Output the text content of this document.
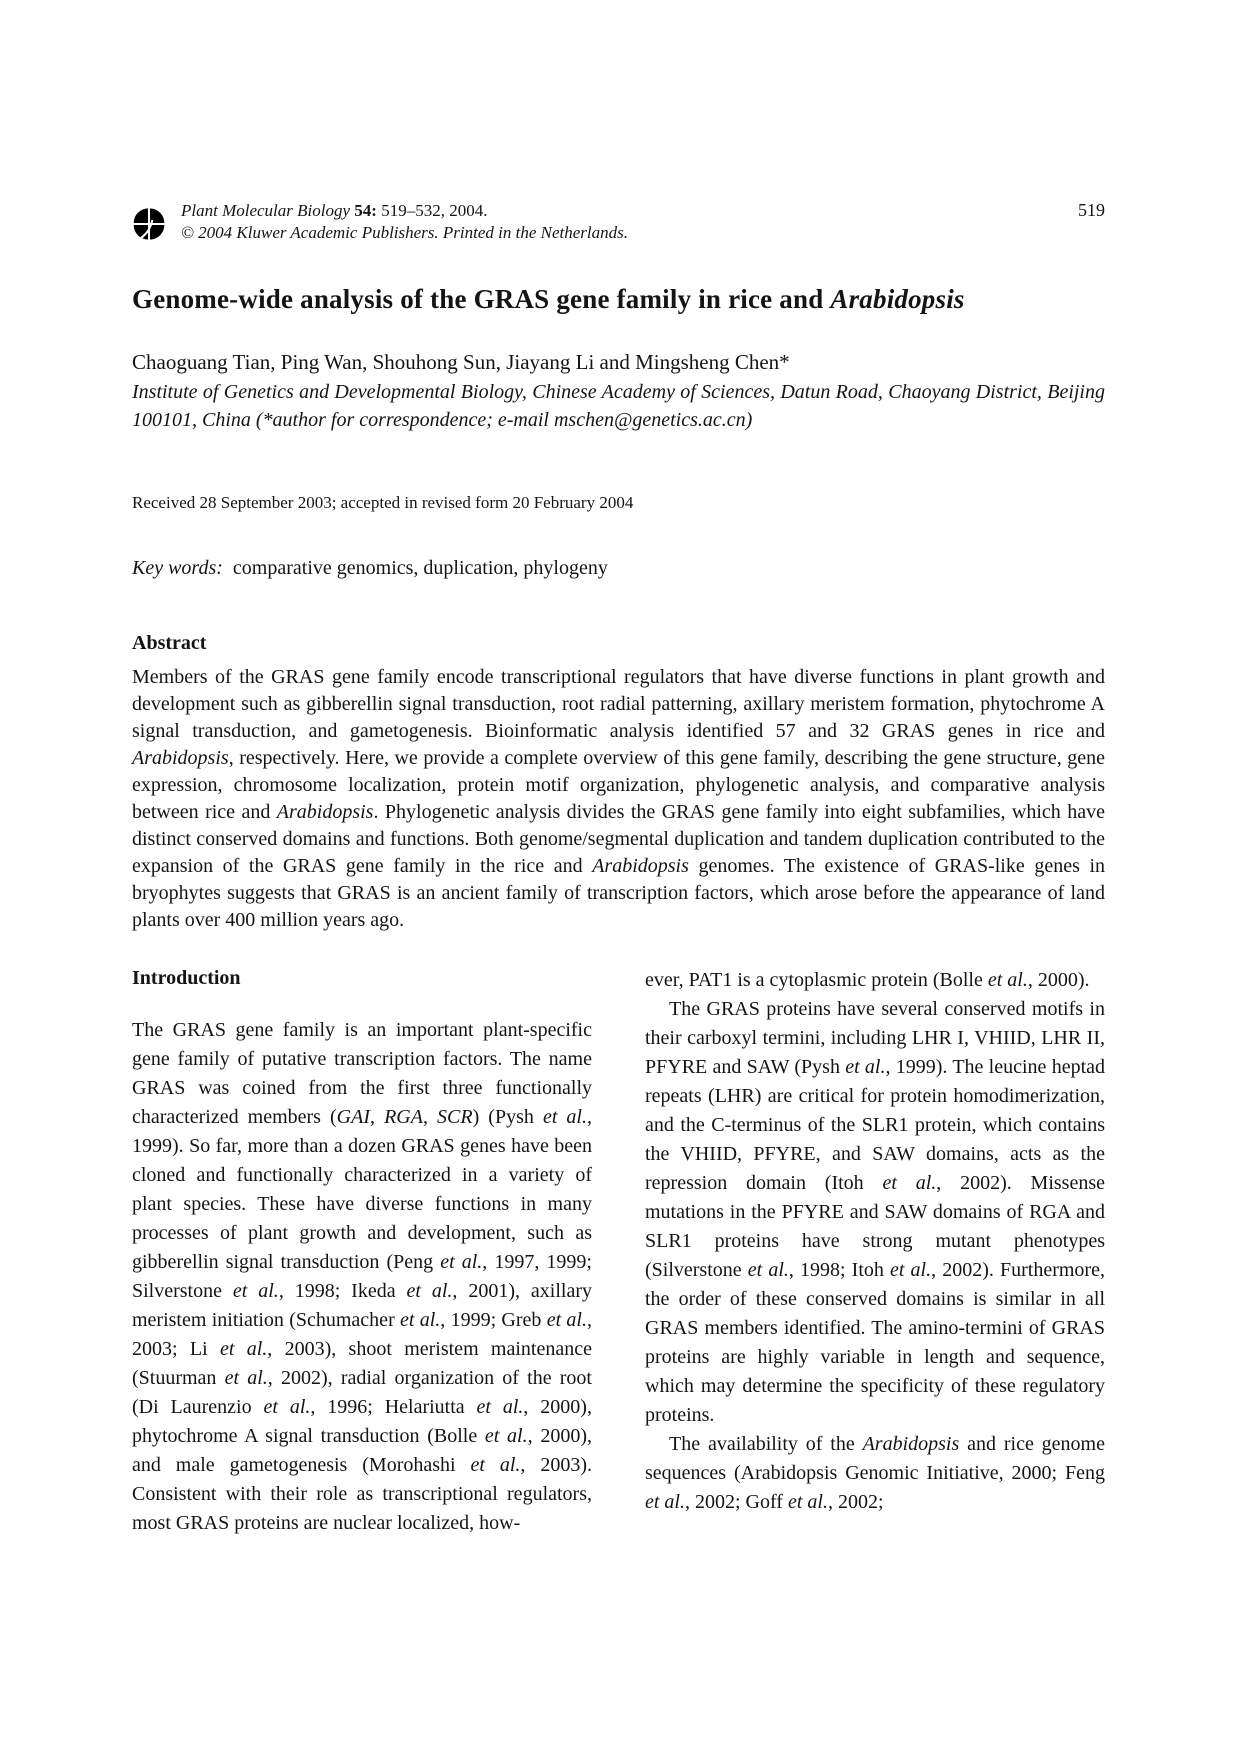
Plant Molecular Biology 54: 519–532, 2004.
© 2004 Kluwer Academic Publishers. Printed in the Netherlands.
519
Genome-wide analysis of the GRAS gene family in rice and Arabidopsis
Chaoguang Tian, Ping Wan, Shouhong Sun, Jiayang Li and Mingsheng Chen*
Institute of Genetics and Developmental Biology, Chinese Academy of Sciences, Datun Road, Chaoyang District, Beijing 100101, China (*author for correspondence; e-mail mschen@genetics.ac.cn)
Received 28 September 2003; accepted in revised form 20 February 2004
Key words: comparative genomics, duplication, phylogeny
Abstract
Members of the GRAS gene family encode transcriptional regulators that have diverse functions in plant growth and development such as gibberellin signal transduction, root radial patterning, axillary meristem formation, phytochrome A signal transduction, and gametogenesis. Bioinformatic analysis identified 57 and 32 GRAS genes in rice and Arabidopsis, respectively. Here, we provide a complete overview of this gene family, describing the gene structure, gene expression, chromosome localization, protein motif organization, phylogenetic analysis, and comparative analysis between rice and Arabidopsis. Phylogenetic analysis divides the GRAS gene family into eight subfamilies, which have distinct conserved domains and functions. Both genome/segmental duplication and tandem duplication contributed to the expansion of the GRAS gene family in the rice and Arabidopsis genomes. The existence of GRAS-like genes in bryophytes suggests that GRAS is an ancient family of transcription factors, which arose before the appearance of land plants over 400 million years ago.
Introduction

The GRAS gene family is an important plant-specific gene family of putative transcription factors. The name GRAS was coined from the first three functionally characterized members (GAI, RGA, SCR) (Pysh et al., 1999). So far, more than a dozen GRAS genes have been cloned and functionally characterized in a variety of plant species. These have diverse functions in many processes of plant growth and development, such as gibberellin signal transduction (Peng et al., 1997, 1999; Silverstone et al., 1998; Ikeda et al., 2001), axillary meristem initiation (Schumacher et al., 1999; Greb et al., 2003; Li et al., 2003), shoot meristem maintenance (Stuurman et al., 2002), radial organization of the root (Di Laurenzio et al., 1996; Helariutta et al., 2000), phytochrome A signal transduction (Bolle et al., 2000), and male gametogenesis (Morohashi et al., 2003). Consistent with their role as transcriptional regulators, most GRAS proteins are nuclear localized, how-

ever, PAT1 is a cytoplasmic protein (Bolle et al., 2000).

The GRAS proteins have several conserved motifs in their carboxyl termini, including LHR I, VHIID, LHR II, PFYRE and SAW (Pysh et al., 1999). The leucine heptad repeats (LHR) are critical for protein homodimerization, and the C-terminus of the SLR1 protein, which contains the VHIID, PFYRE, and SAW domains, acts as the repression domain (Itoh et al., 2002). Missense mutations in the PFYRE and SAW domains of RGA and SLR1 proteins have strong mutant phenotypes (Silverstone et al., 1998; Itoh et al., 2002). Furthermore, the order of these conserved domains is similar in all GRAS members identified. The amino-termini of GRAS proteins are highly variable in length and sequence, which may determine the specificity of these regulatory proteins.

The availability of the Arabidopsis and rice genome sequences (Arabidopsis Genomic Initiative, 2000; Feng et al., 2002; Goff et al., 2002;
